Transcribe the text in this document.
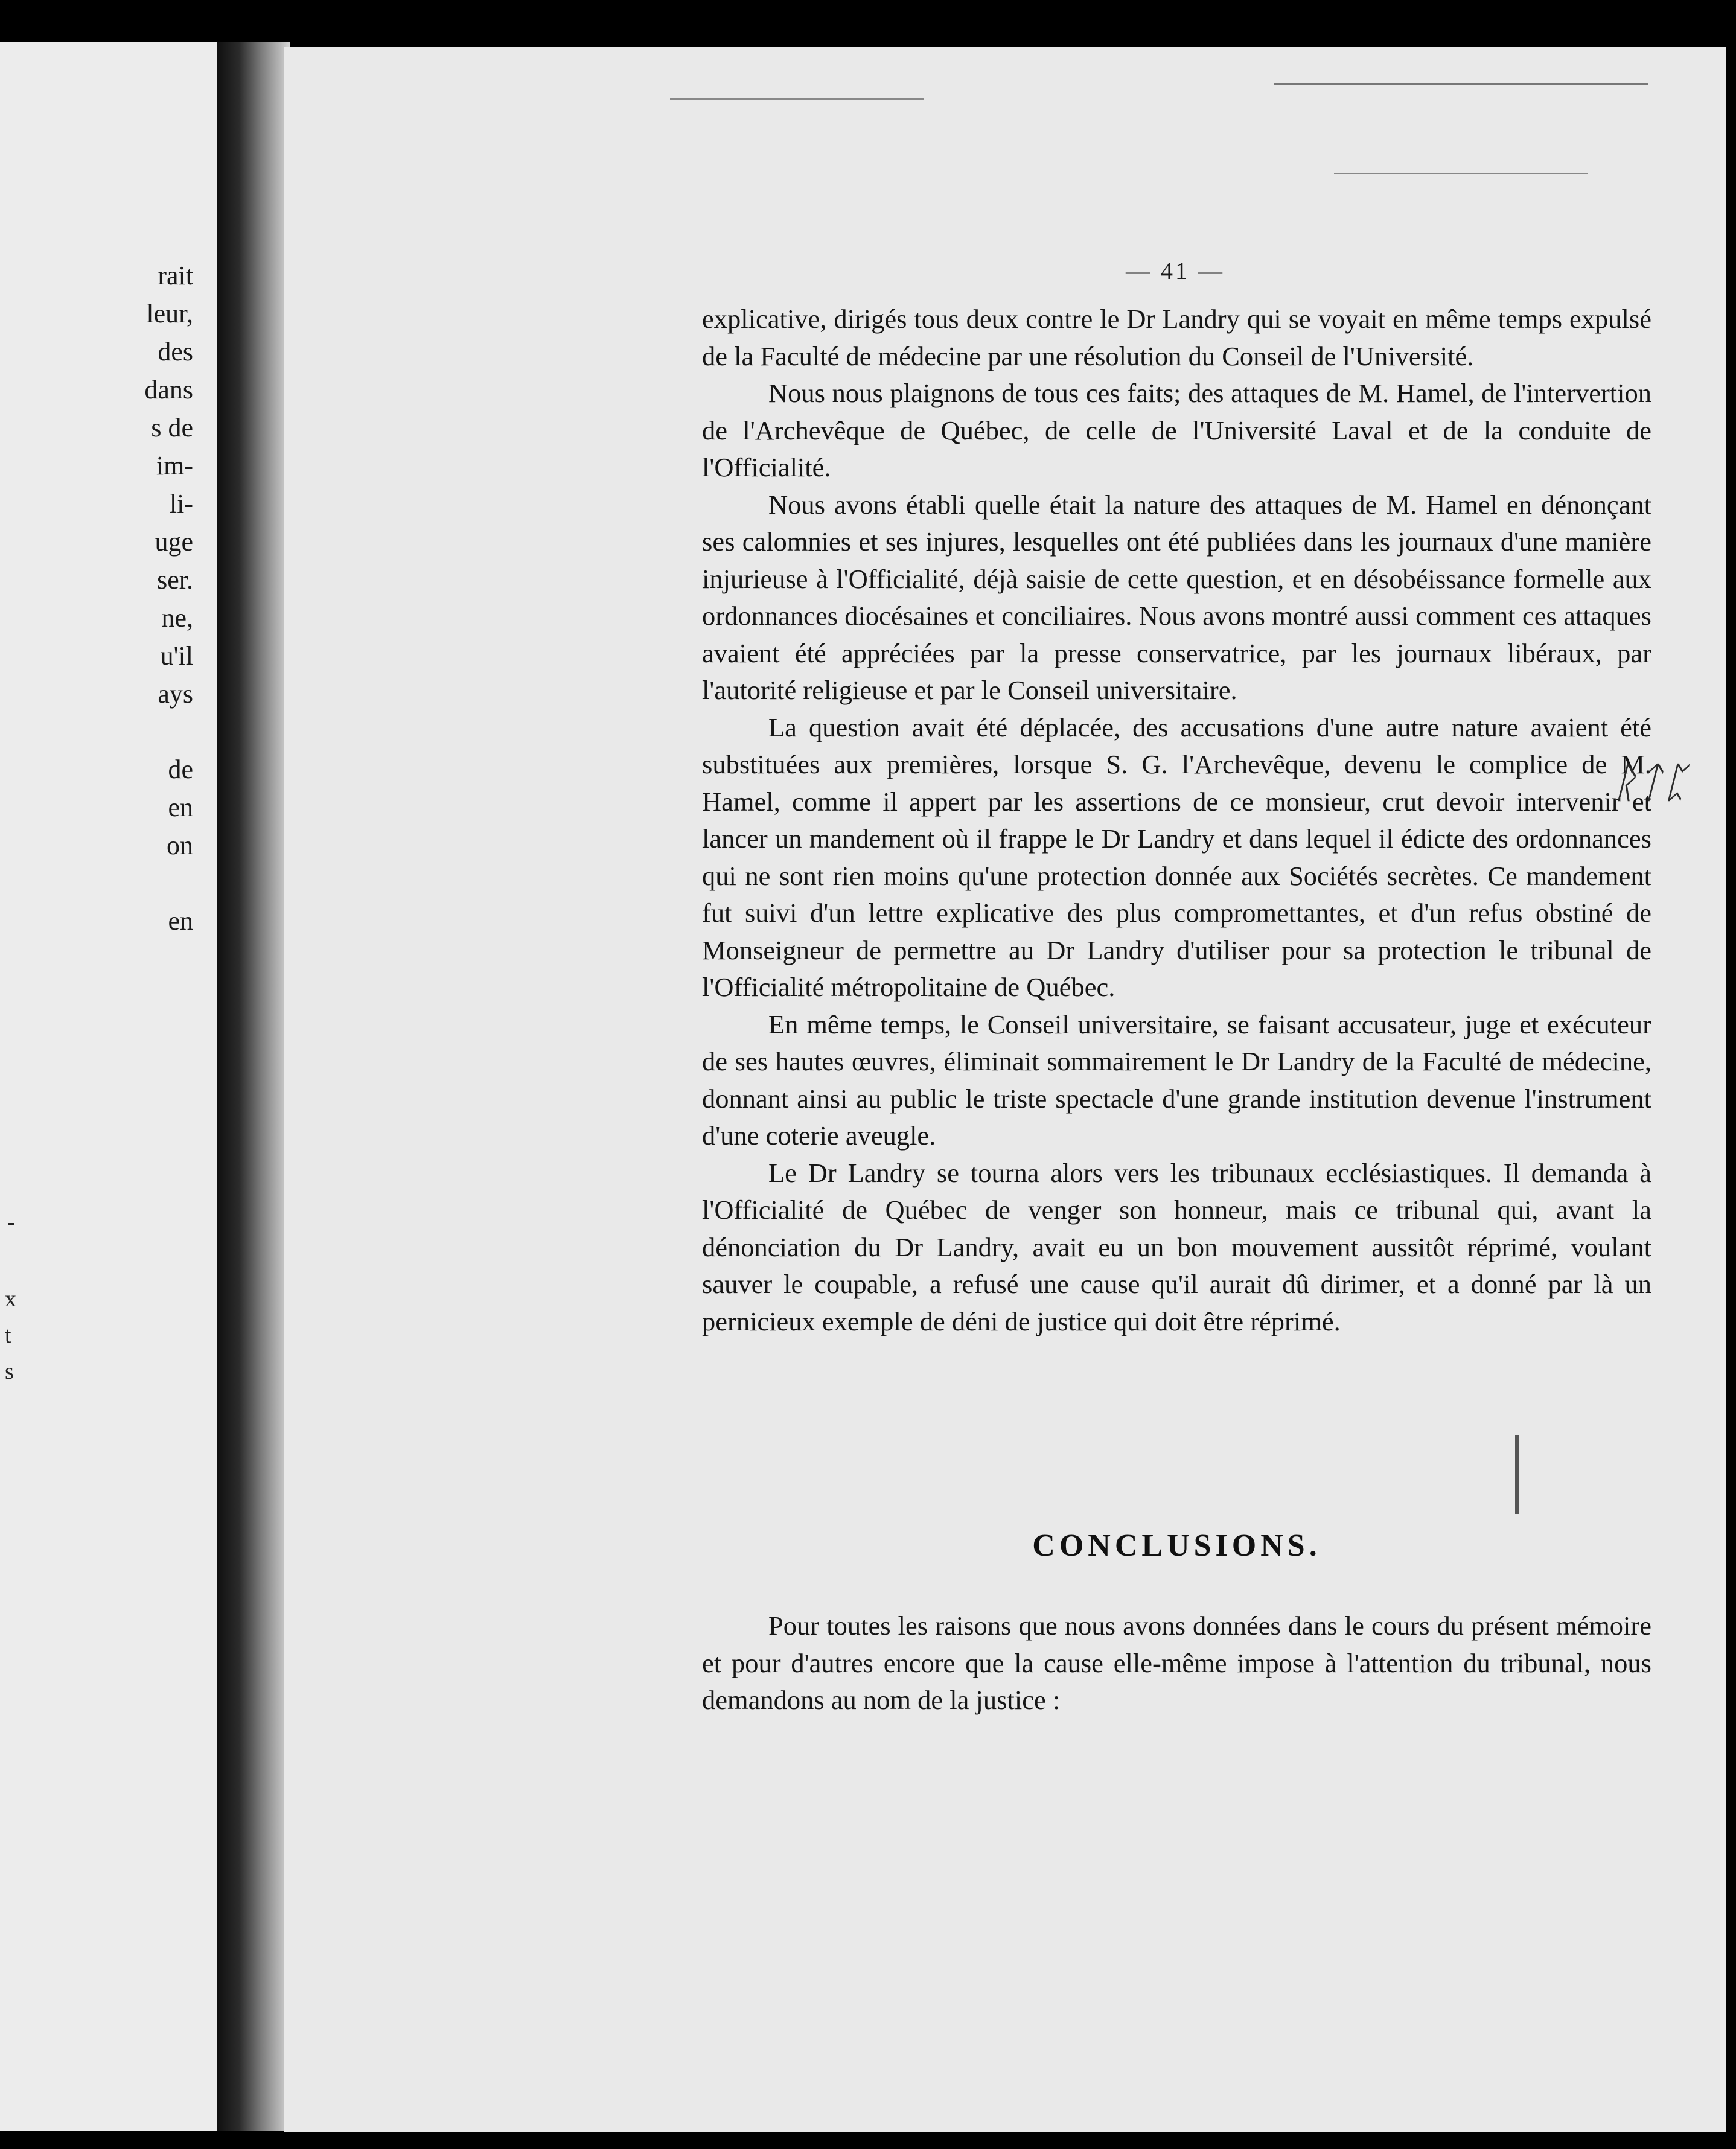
rait
leur,
des
dans
s de
im-
li-
uge
ser.
ne,
u'il
ays
de
en
on
en
-
x
t
s
— 41 —

explicative, dirigés tous deux contre le Dr Landry qui se voyait en même temps expulsé de la Faculté de médecine par une résolution du Conseil de l'Université.

Nous nous plaignons de tous ces faits; des attaques de M. Hamel, de l'intervertion de l'Archevêque de Québec, de celle de l'Université Laval et de la conduite de l'Officialité.

Nous avons établi quelle était la nature des attaques de M. Hamel en dénonçant ses calomnies et ses injures, lesquelles ont été publiées dans les journaux d'une manière injurieuse à l'Officialité, déjà saisie de cette question, et en désobéissance formelle aux ordonnances diocésaines et conciliaires. Nous avons montré aussi comment ces attaques avaient été appréciées par la presse conservatrice, par les journaux libéraux, par l'autorité religieuse et par le Conseil universitaire.

La question avait été déplacée, des accusations d'une autre nature avaient été substituées aux premières, lorsque S. G. l'Archevêque, devenu le complice de M. Hamel, comme il appert par les assertions de ce monsieur, crut devoir intervenir et lancer un mandement où il frappe le Dr Landry et dans lequel il édicte des ordonnances qui ne sont rien moins qu'une protection donnée aux Sociétés secrètes. Ce mandement fut suivi d'un lettre explicative des plus compromettantes, et d'un refus obstiné de Monseigneur de permettre au Dr Landry d'utiliser pour sa protection le tribunal de l'Officialité métropolitaine de Québec.

En même temps, le Conseil universitaire, se faisant accusateur, juge et exécuteur de ses hautes œuvres, éliminait sommairement le Dr Landry de la Faculté de médecine, donnant ainsi au public le triste spectacle d'une grande institution devenue l'instrument d'une coterie aveugle.

Le Dr Landry se tourna alors vers les tribunaux ecclésiastiques. Il demanda à l'Officialité de Québec de venger son honneur, mais ce tribunal qui, avant la dénonciation du Dr Landry, avait eu un bon mouvement aussitôt réprimé, voulant sauver le coupable, a refusé une cause qu'il aurait dû dirimer, et a donné par là un pernicieux exemple de déni de justice qui doit être réprimé.

CONCLUSIONS.

Pour toutes les raisons que nous avons données dans le cours du présent mémoire et pour d'autres encore que la cause elle-même impose à l'attention du tribunal, nous demandons au nom de la justice :

ᚱᛏᛈ
